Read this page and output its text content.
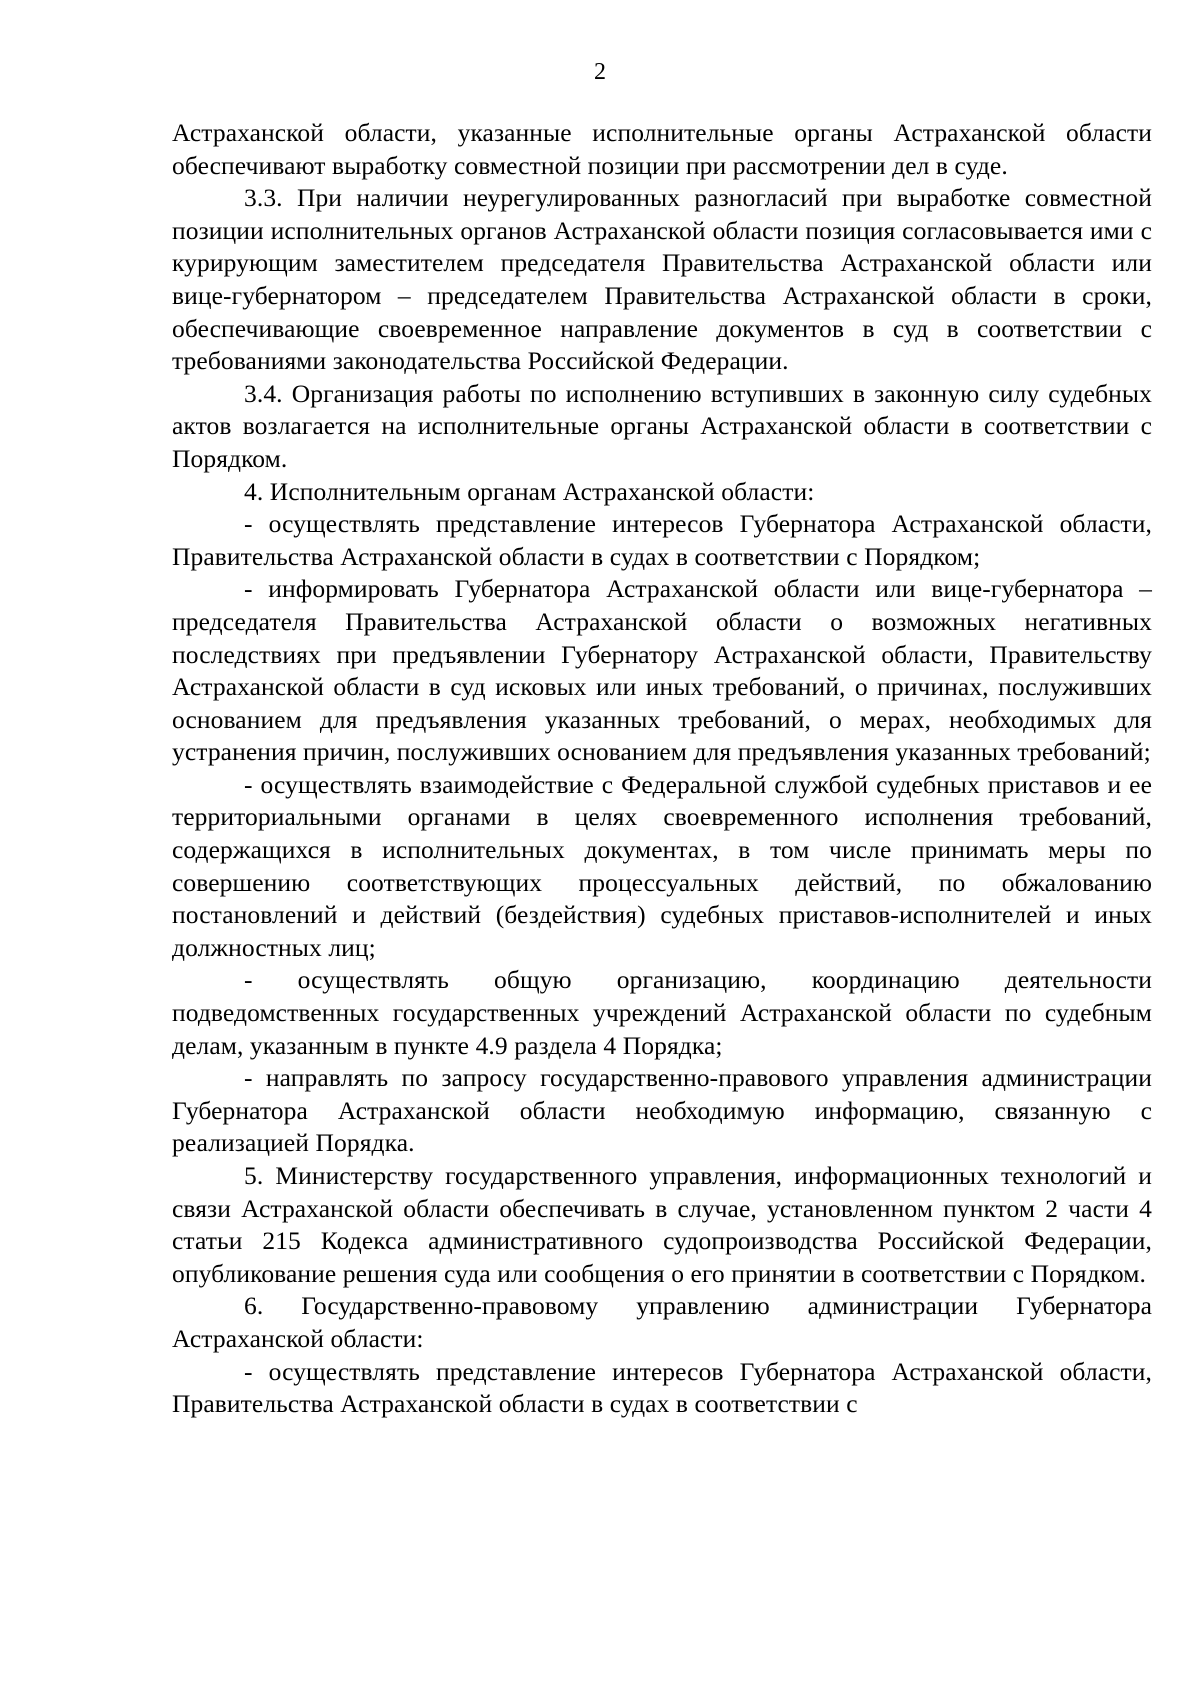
2

Астраханской области, указанные исполнительные органы Астраханской области обеспечивают выработку совместной позиции при рассмотрении дел в суде.

3.3. При наличии неурегулированных разногласий при выработке совместной позиции исполнительных органов Астраханской области позиция согласовывается ими с курирующим заместителем председателя Правительства Астраханской области или вице-губернатором – председателем Правительства Астраханской области в сроки, обеспечивающие своевременное направление документов в суд в соответствии с требованиями законодательства Российской Федерации.

3.4. Организация работы по исполнению вступивших в законную силу судебных актов возлагается на исполнительные органы Астраханской области в соответствии с Порядком.

4. Исполнительным органам Астраханской области:

- осуществлять представление интересов Губернатора Астраханской области, Правительства Астраханской области в судах в соответствии с Порядком;

- информировать Губернатора Астраханской области или вице-губернатора – председателя Правительства Астраханской области о возможных негативных последствиях при предъявлении Губернатору Астраханской области, Правительству Астраханской области в суд исковых или иных требований, о причинах, послуживших основанием для предъявления указанных требований, о мерах, необходимых для устранения причин, послуживших основанием для предъявления указанных требований;

- осуществлять взаимодействие с Федеральной службой судебных приставов и ее территориальными органами в целях своевременного исполнения требований, содержащихся в исполнительных документах, в том числе принимать меры по совершению соответствующих процессуальных действий, по обжалованию постановлений и действий (бездействия) судебных приставов-исполнителей и иных должностных лиц;

- осуществлять общую организацию, координацию деятельности подведомственных государственных учреждений Астраханской области по судебным делам, указанным в пункте 4.9 раздела 4 Порядка;

- направлять по запросу государственно-правового управления администрации Губернатора Астраханской области необходимую информацию, связанную с реализацией Порядка.

5. Министерству государственного управления, информационных технологий и связи Астраханской области обеспечивать в случае, установленном пунктом 2 части 4 статьи 215 Кодекса административного судопроизводства Российской Федерации, опубликование решения суда или сообщения о его принятии в соответствии с Порядком.

6. Государственно-правовому управлению администрации Губернатора Астраханской области:

- осуществлять представление интересов Губернатора Астраханской области, Правительства Астраханской области в судах в соответствии с
